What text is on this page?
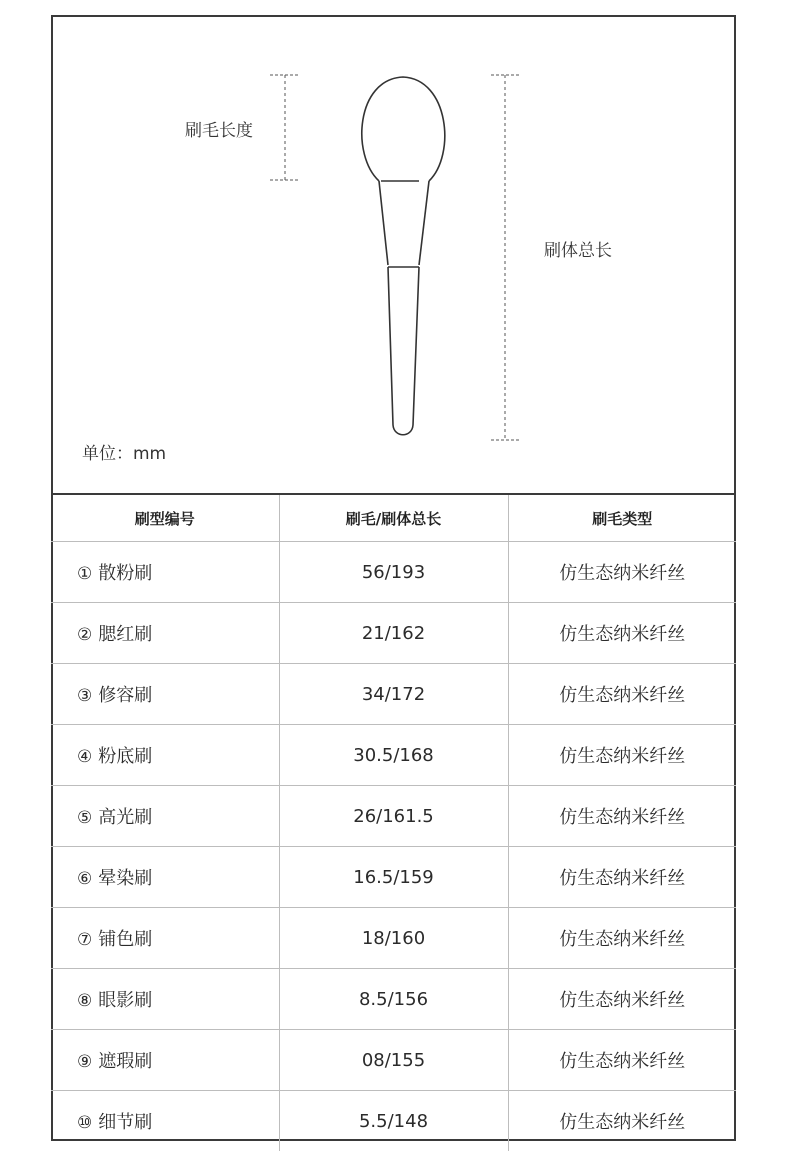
刷毛长度
刷体总长
单位：mm
刷型编号	刷毛/刷体总长	刷毛类型
① 散粉刷	56/193	仿生态纳米纤丝
② 腮红刷	21/162	仿生态纳米纤丝
③ 修容刷	34/172	仿生态纳米纤丝
④ 粉底刷	30.5/168	仿生态纳米纤丝
⑤ 高光刷	26/161.5	仿生态纳米纤丝
⑥ 晕染刷	16.5/159	仿生态纳米纤丝
⑦ 铺色刷	18/160	仿生态纳米纤丝
⑧ 眼影刷	8.5/156	仿生态纳米纤丝
⑨ 遮瑕刷	08/155	仿生态纳米纤丝
⑩ 细节刷	5.5/148	仿生态纳米纤丝
